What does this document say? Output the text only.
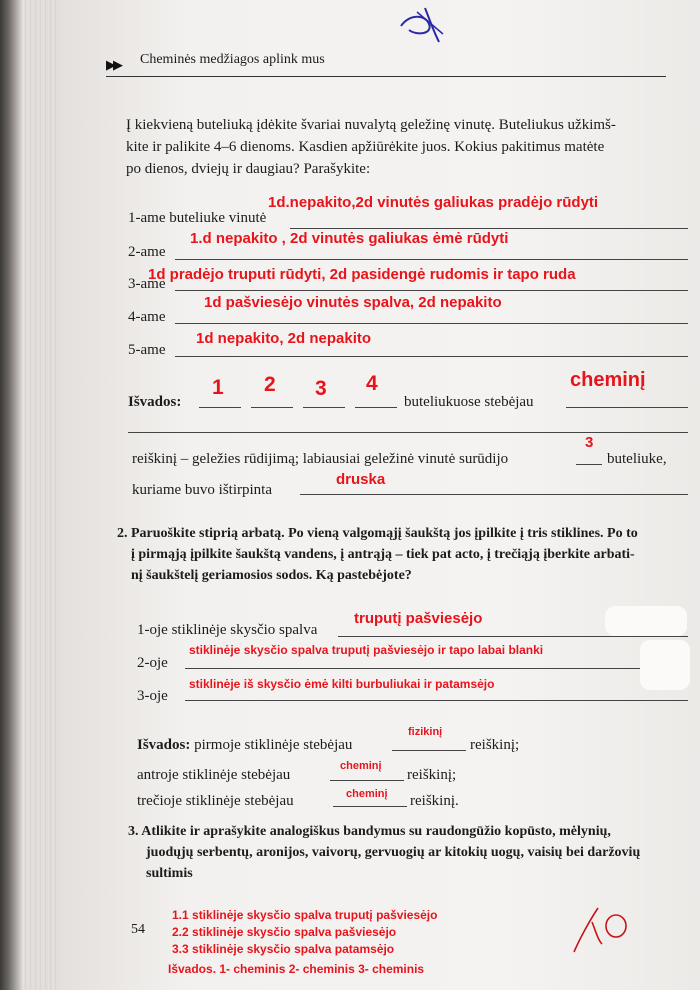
▶▶ Cheminės medžiagos aplink mus
Į kiekvieną buteliuką įdėkite švariai nuvalytą geležinę vinutę. Buteliukus užkimš-
kite ir palikite 4–6 dienoms. Kasdien apžiūrėkite juos. Kokius pakitimus matėte
po dienos, dviejų ir daugiau? Parašykite:
1-ame buteliuke vinutė
1d.nepakito,2d vinutės galiukas pradėjo rūdyti
2-ame
1.d nepakito , 2d vinutės galiukas ėmė rūdyti
3-ame
1d pradėjo truputi rūdyti, 2d pasidengė rudomis ir tapo ruda
4-ame
1d pašviesėjo vinutės spalva, 2d nepakito
5-ame
1d nepakito, 2d nepakito
Išvados:
1 2 3 4
buteliukuose stebėjau
cheminį
reiškinį – geležies rūdijimą; labiausiai geležinė vinutė surūdijo
3
buteliuke,
kuriame buvo ištirpinta
druska
2. Paruoškite stiprią arbatą. Po vieną valgomąjį šaukštą jos įpilkite į tris stiklines. Po to
į pirmąją įpilkite šaukštą vandens, į antrąją – tiek pat acto, į trečiąją įberkite arbati-
nį šaukštelį geriamosios sodos. Ką pastebėjote?
1-oje stiklinėje skysčio spalva
truputį pašviesėjo
2-oje
stiklinėje skysčio spalva truputį pašviesėjo ir tapo labai blanki
3-oje
stiklinėje iš skysčio ėmė kilti burbuliukai ir patamsėjo
Išvados: pirmoje stiklinėje stebėjau
fizikinį
reiškinį;
antroje stiklinėje stebėjau
cheminį
reiškinį;
trečioje stiklinėje stebėjau	cheminį reiškinį.
3. Atlikite ir aprašykite analogiškus bandymus su raudongūžio kopūsto, mėlynių,
juodųjų serbentų, aronijos, vaivorų, gervuogių ar kitokių uogų, vaisių bei daržovių
sultimis
1.1 stiklinėje skysčio spalva truputį pašviesėjo
2.2 stiklinėje skysčio spalva pašviesėjo
3.3 stiklinėje skysčio spalva patamsėjo
Išvados. 1- cheminis 2- cheminis 3- cheminis
54
